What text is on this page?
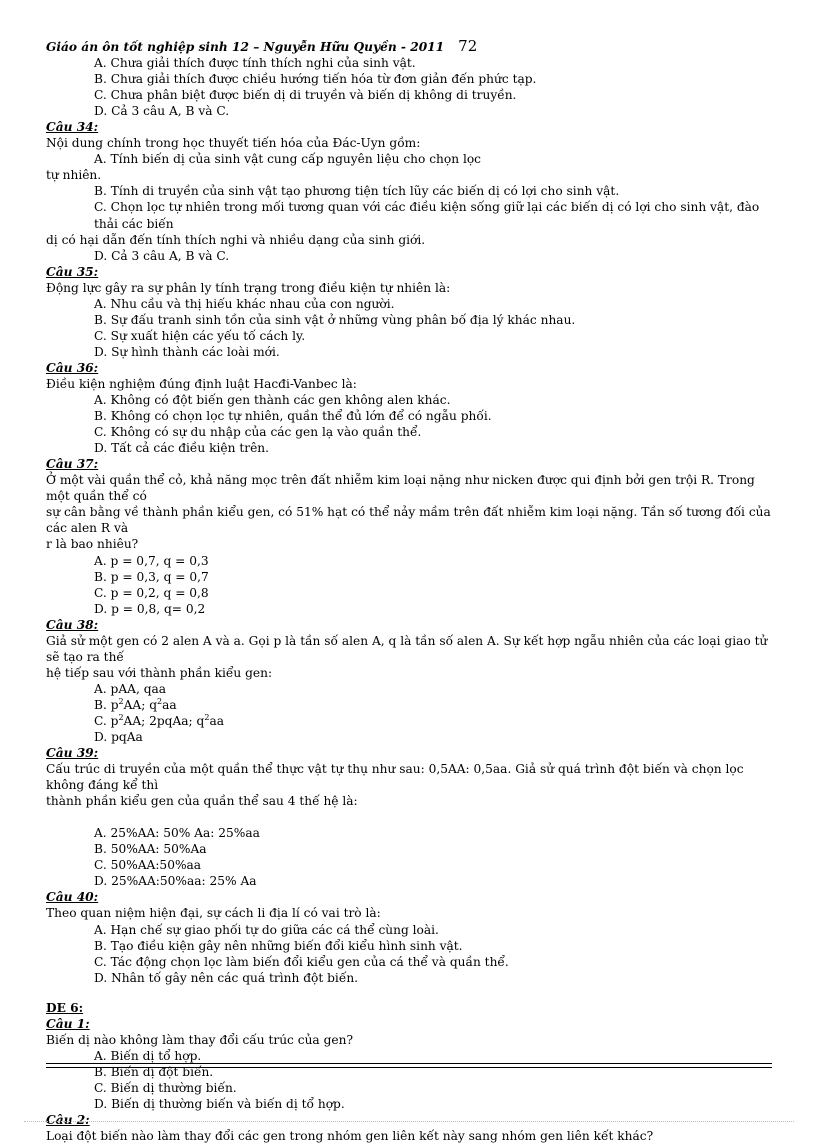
Giáo án ôn tốt nghiệp sinh 12 – Nguyễn Hữu Quyền - 2011 72
A. Chưa giải thích được tính thích nghi của sinh vật.
B. Chưa giải thích được chiều hướng tiến hóa từ đơn giản đến phức tạp.
C. Chưa phân biệt được biến dị di truyền và biến dị không di truyền.
D. Cả 3 câu A, B và C.
Câu 34:
Nội dung chính trong học thuyết tiến hóa của Đác-Uyn gồm:
A. Tính biến dị của sinh vật cung cấp nguyên liệu cho chọn lọc
tự nhiên.
B. Tính di truyền của sinh vật tạo phương tiện tích lũy các biến dị có lợi cho sinh vật.
C. Chọn lọc tự nhiên trong mối tương quan với các điều kiện sống giữ lại các biến dị có lợi cho sinh vật, đào thải các biến
dị có hại dẫn đến tính thích nghi và nhiều dạng của sinh giới.
D. Cả 3 câu A, B và C.
Câu 35:
Động lực gây ra sự phân ly tính trạng trong điều kiện tự nhiên là:
A. Nhu cầu và thị hiếu khác nhau của con người.
B. Sự đấu tranh sinh tồn của sinh vật ở những vùng phân bố địa lý khác nhau.
C. Sự xuất hiện các yếu tố cách ly.
D. Sự hình thành các loài mới.
Câu 36:
Điều kiện nghiệm đúng định luật Hacđi-Vanbec là:
A. Không có đột biến gen thành các gen không alen khác.
B. Không có chọn lọc tự nhiên, quần thể đủ lớn để có ngẫu phối.
C. Không có sự du nhập của các gen lạ vào quần thể.
D. Tất cả các điều kiện trên.
Câu 37:
Ở một vài quần thể cỏ, khả năng mọc trên đất nhiễm kim loại nặng như nicken được qui định bởi gen trội R. Trong một quần thể có
sự cân bằng về thành phần kiểu gen, có 51% hạt có thể nảy mầm trên đất nhiễm kim loại nặng. Tần số tương đối của các alen R và
r là bao nhiêu?
A. p = 0,7, q = 0,3
B. p = 0,3, q = 0,7
C. p = 0,2, q = 0,8
D. p = 0,8, q= 0,2
Câu 38:
Giả sử một gen có 2 alen A và a. Gọi p là tần số alen A, q là tần số alen A. Sự kết hợp ngẫu nhiên của các loại giao tử sẽ tạo ra thế
hệ tiếp sau với thành phần kiểu gen:
A. pAA, qaa
B. $p^2AA$; $q^2aa$
C. $p^2AA$; 2pqAa; $q^2aa$
D. pqAa
Câu 39:
Cấu trúc di truyền của một quần thể thực vật tự thụ như sau: 0,5AA: 0,5aa. Giả sử quá trình đột biến và chọn lọc không đáng kể thì
thành phần kiểu gen của quần thể sau 4 thế hệ là:
A. 25%AA: 50% Aa: 25%aa
B. 50%AA: 50%Aa
C. 50%AA:50%aa
D. 25%AA:50%aa: 25% Aa
Câu 40:
Theo quan niệm hiện đại, sự cách li địa lí có vai trò là:
A. Hạn chế sự giao phối tự do giữa các cá thể cùng loài.
B. Tạo điều kiện gây nên những biến đổi kiểu hình sinh vật.
C. Tác động chọn lọc làm biến đổi kiểu gen của cá thể và quần thể.
D. Nhân tố gây nên các quá trình đột biến.
DE 6:
Câu 1:
Biến dị nào không làm thay đổi cấu trúc của gen?
A. Biến dị tổ hợp.
B. Biến dị đột biến.
C. Biến dị thường biến.
D. Biến dị thường biến và biến dị tổ hợp.
Câu 2:
Loại đột biến nào làm thay đổi các gen trong nhóm gen liên kết này sang nhóm gen liên kết khác?
